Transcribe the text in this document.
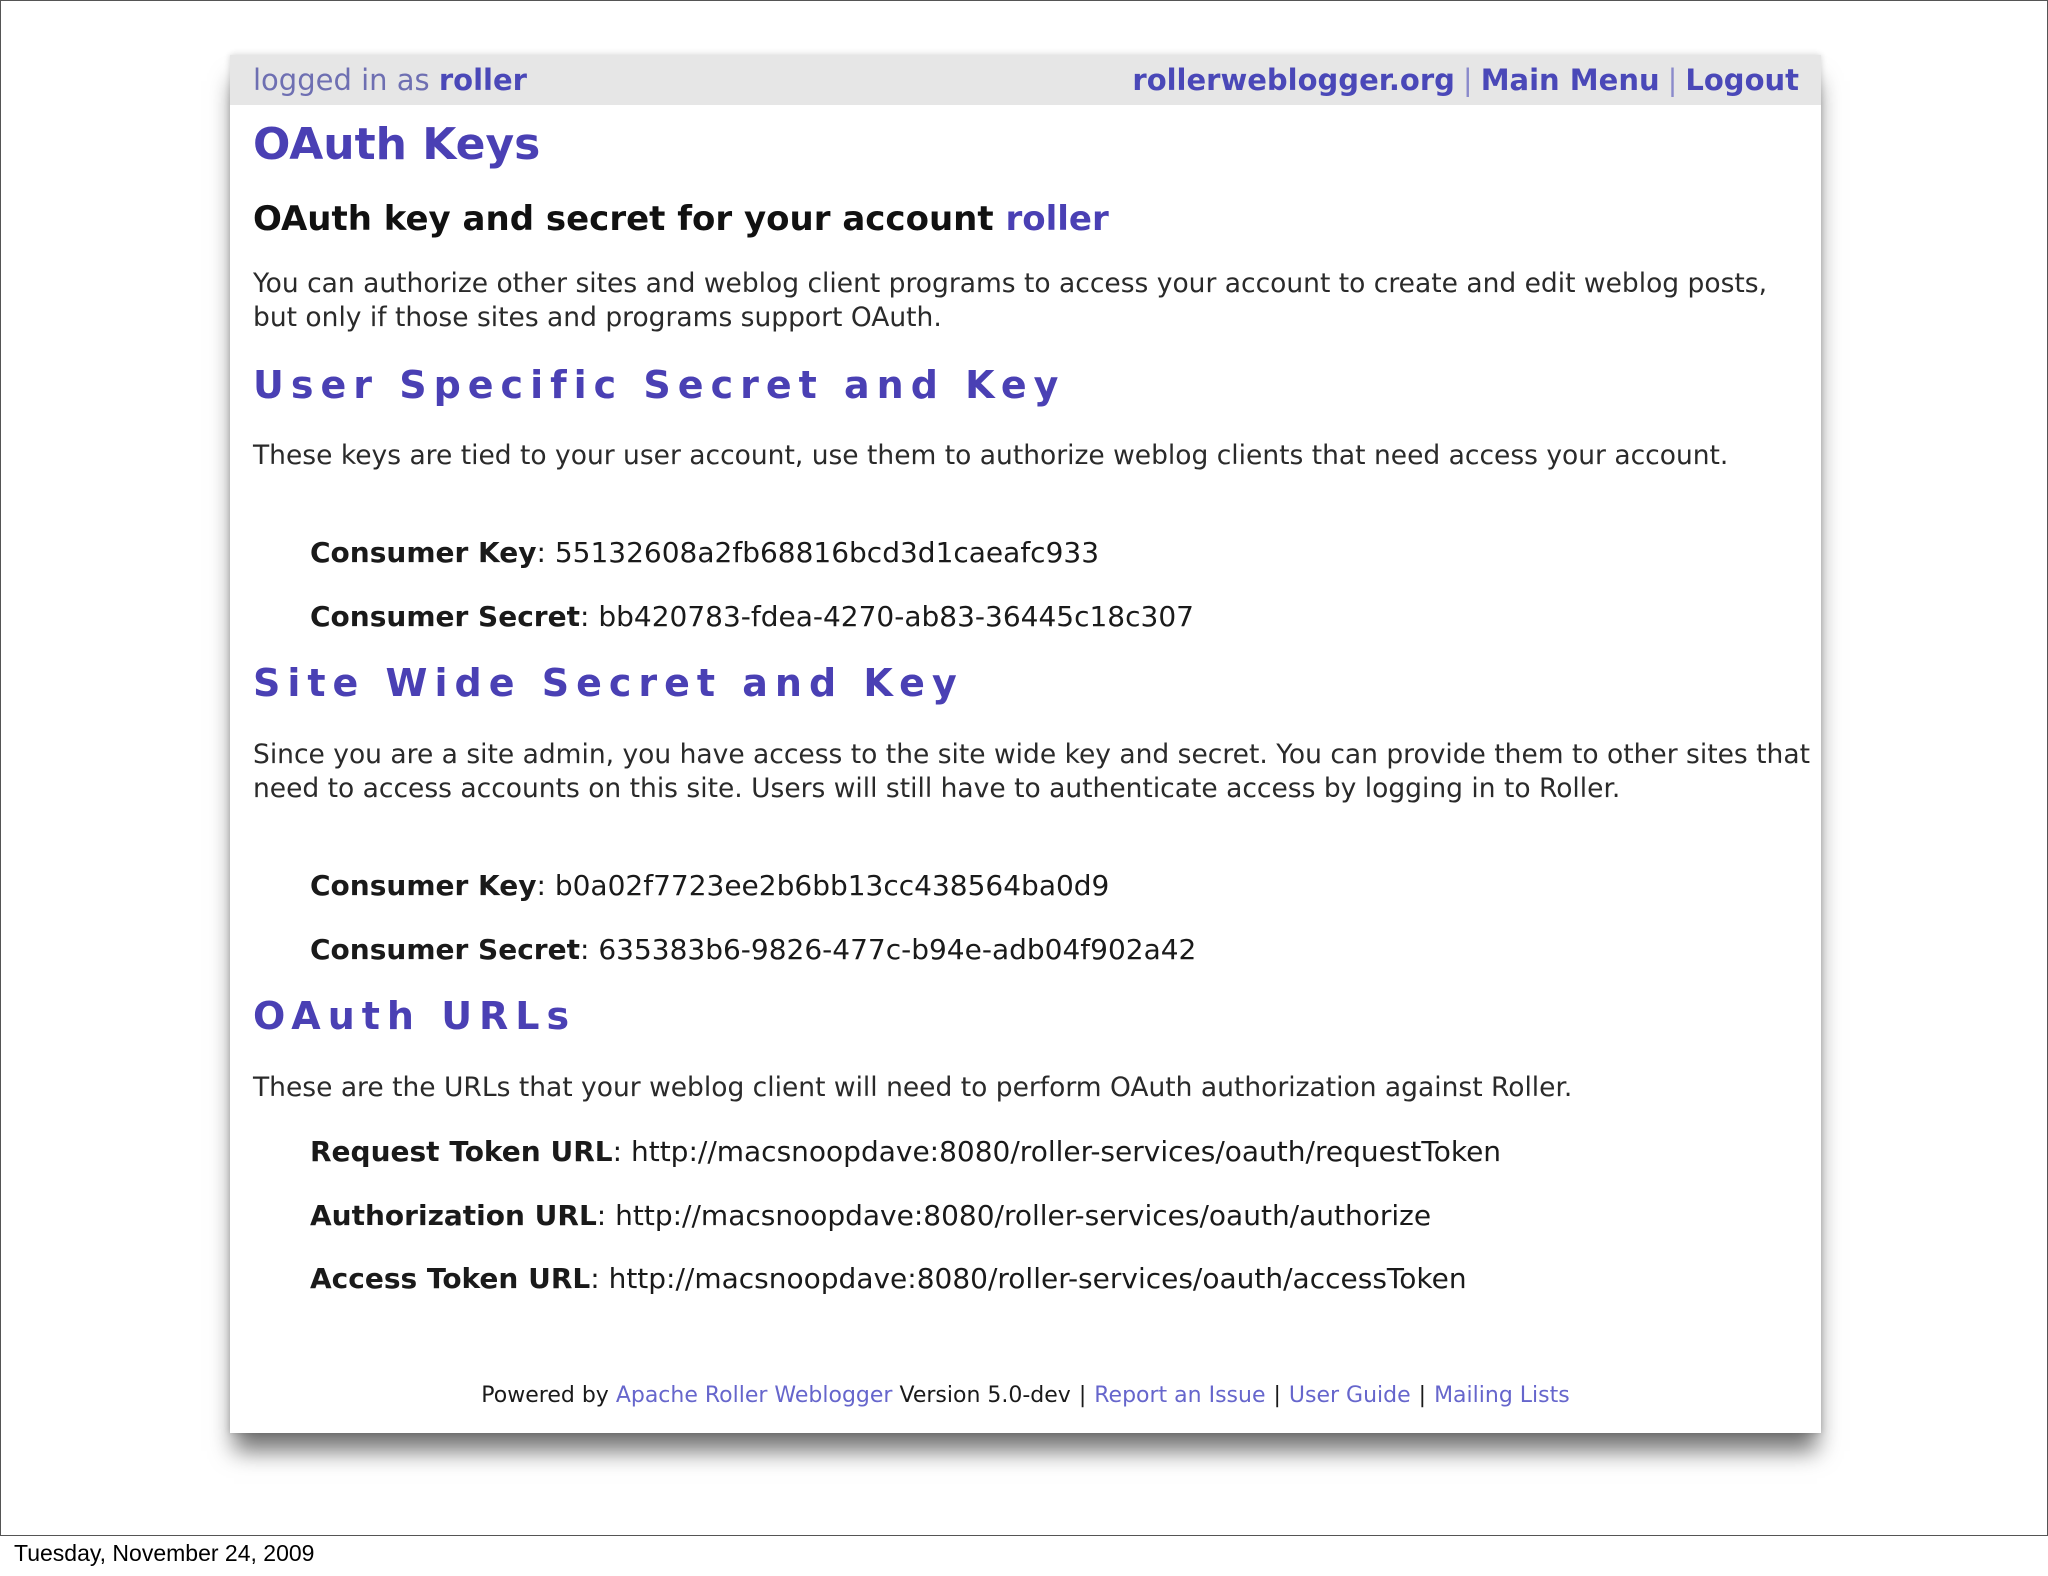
logged in as roller	rollerweblogger.org | Main Menu | Logout
OAuth Keys
OAuth key and secret for your account roller

You can authorize other sites and weblog client programs to access your account to create and edit weblog posts, but only if those sites and programs support OAuth.

User Specific Secret and Key

These keys are tied to your user account, use them to authorize weblog clients that need access your account.

Consumer Key: 55132608a2fb68816bcd3d1caeafc933
Consumer Secret: bb420783-fdea-4270-ab83-36445c18c307
Site Wide Secret and Key

Since you are a site admin, you have access to the site wide key and secret. You can provide them to other sites that need to access accounts on this site. Users will still have to authenticate access by logging in to Roller.

Consumer Key: b0a02f7723ee2b6bb13cc438564ba0d9
Consumer Secret: 635383b6-9826-477c-b94e-adb04f902a42
OAuth URLs

These are the URLs that your weblog client will need to perform OAuth authorization against Roller.

Request Token URL: http://macsnoopdave:8080/roller-services/oauth/requestToken
Authorization URL: http://macsnoopdave:8080/roller-services/oauth/authorize
Access Token URL: http://macsnoopdave:8080/roller-services/oauth/accessToken
Powered by Apache Roller Weblogger Version 5.0-dev | Report an Issue | User Guide | Mailing Lists
Tuesday, November 24, 2009
